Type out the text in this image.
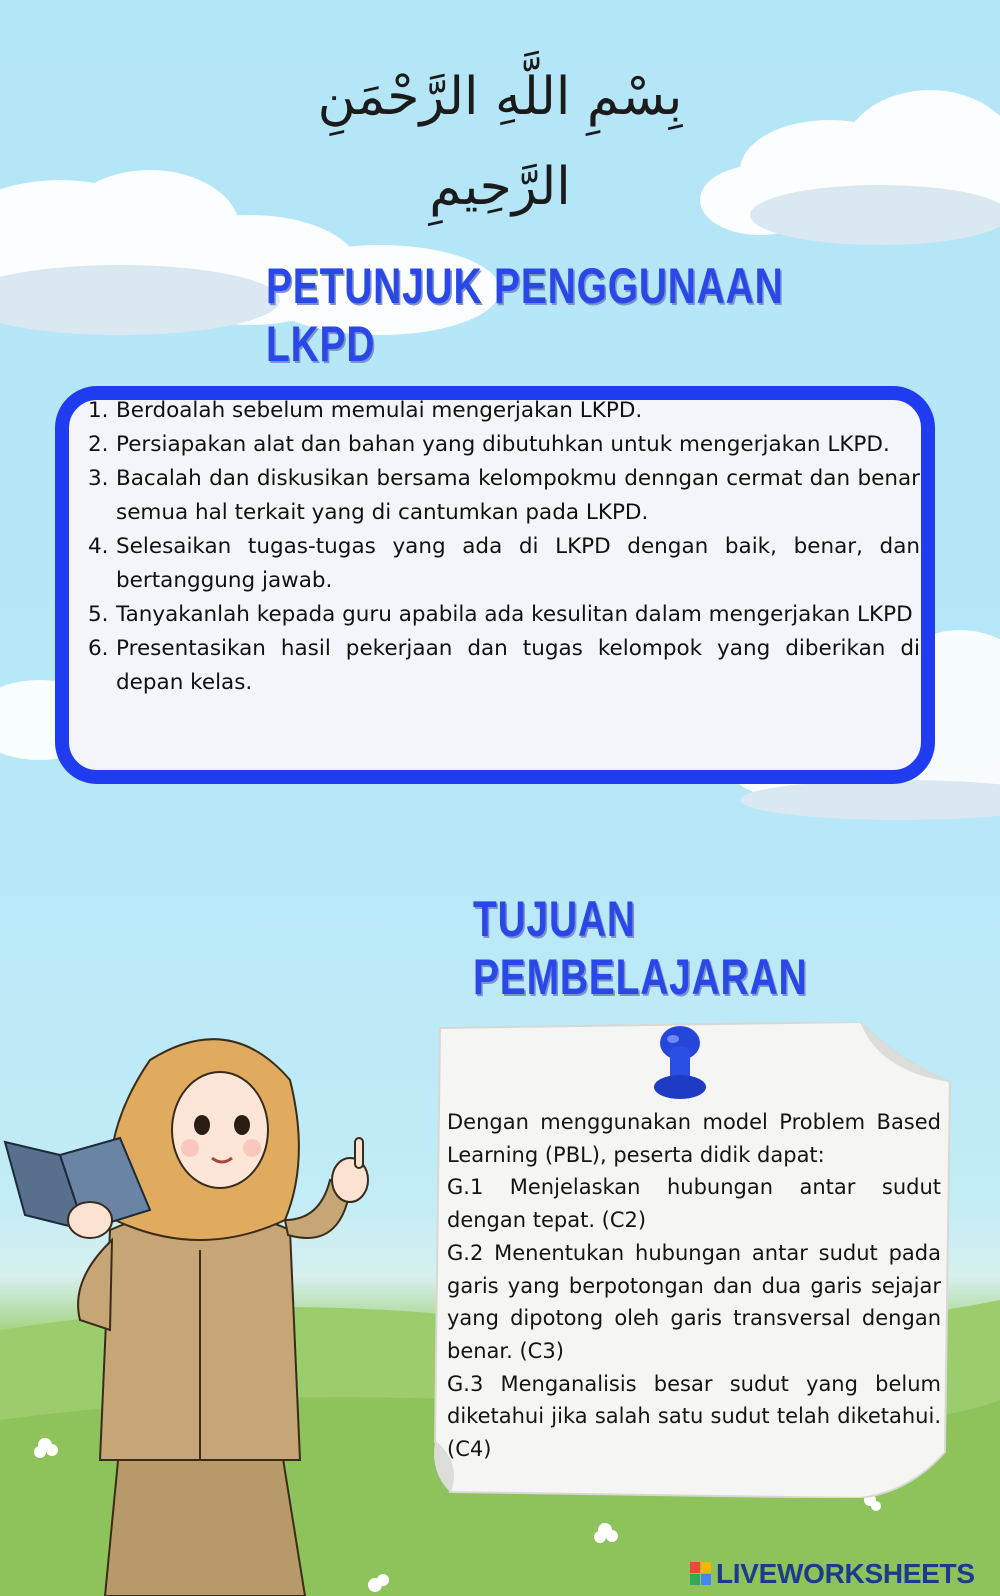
بِسْمِ اللَّهِ الرَّحْمَنِ الرَّحِيمِ
PETUNJUK PENGGUNAAN LKPD
1. Berdoalah sebelum memulai mengerjakan LKPD.
2. Persiapakan alat dan bahan yang dibutuhkan untuk mengerjakan LKPD.
3. Bacalah dan diskusikan bersama kelompokmu denngan cermat dan benar semua hal terkait yang di cantumkan pada LKPD.
4. Selesaikan tugas-tugas yang ada di LKPD dengan baik, benar, dan bertanggung jawab.
5. Tanyakanlah kepada guru apabila ada kesulitan dalam mengerjakan LKPD
6. Presentasikan hasil pekerjaan dan tugas kelompok yang diberikan di depan kelas.
TUJUAN PEMBELAJARAN

Dengan menggunakan model Problem Based Learning (PBL), peserta didik dapat:

G.1 Menjelaskan hubungan antar sudut dengan tepat. (C2)

G.2 Menentukan hubungan antar sudut pada garis yang berpotongan dan dua garis sejajar yang dipotong oleh garis transversal dengan benar. (C3)

G.3 Menganalisis besar sudut yang belum diketahui jika salah satu sudut telah diketahui. (C4)

LIVEWORKSHEETS
